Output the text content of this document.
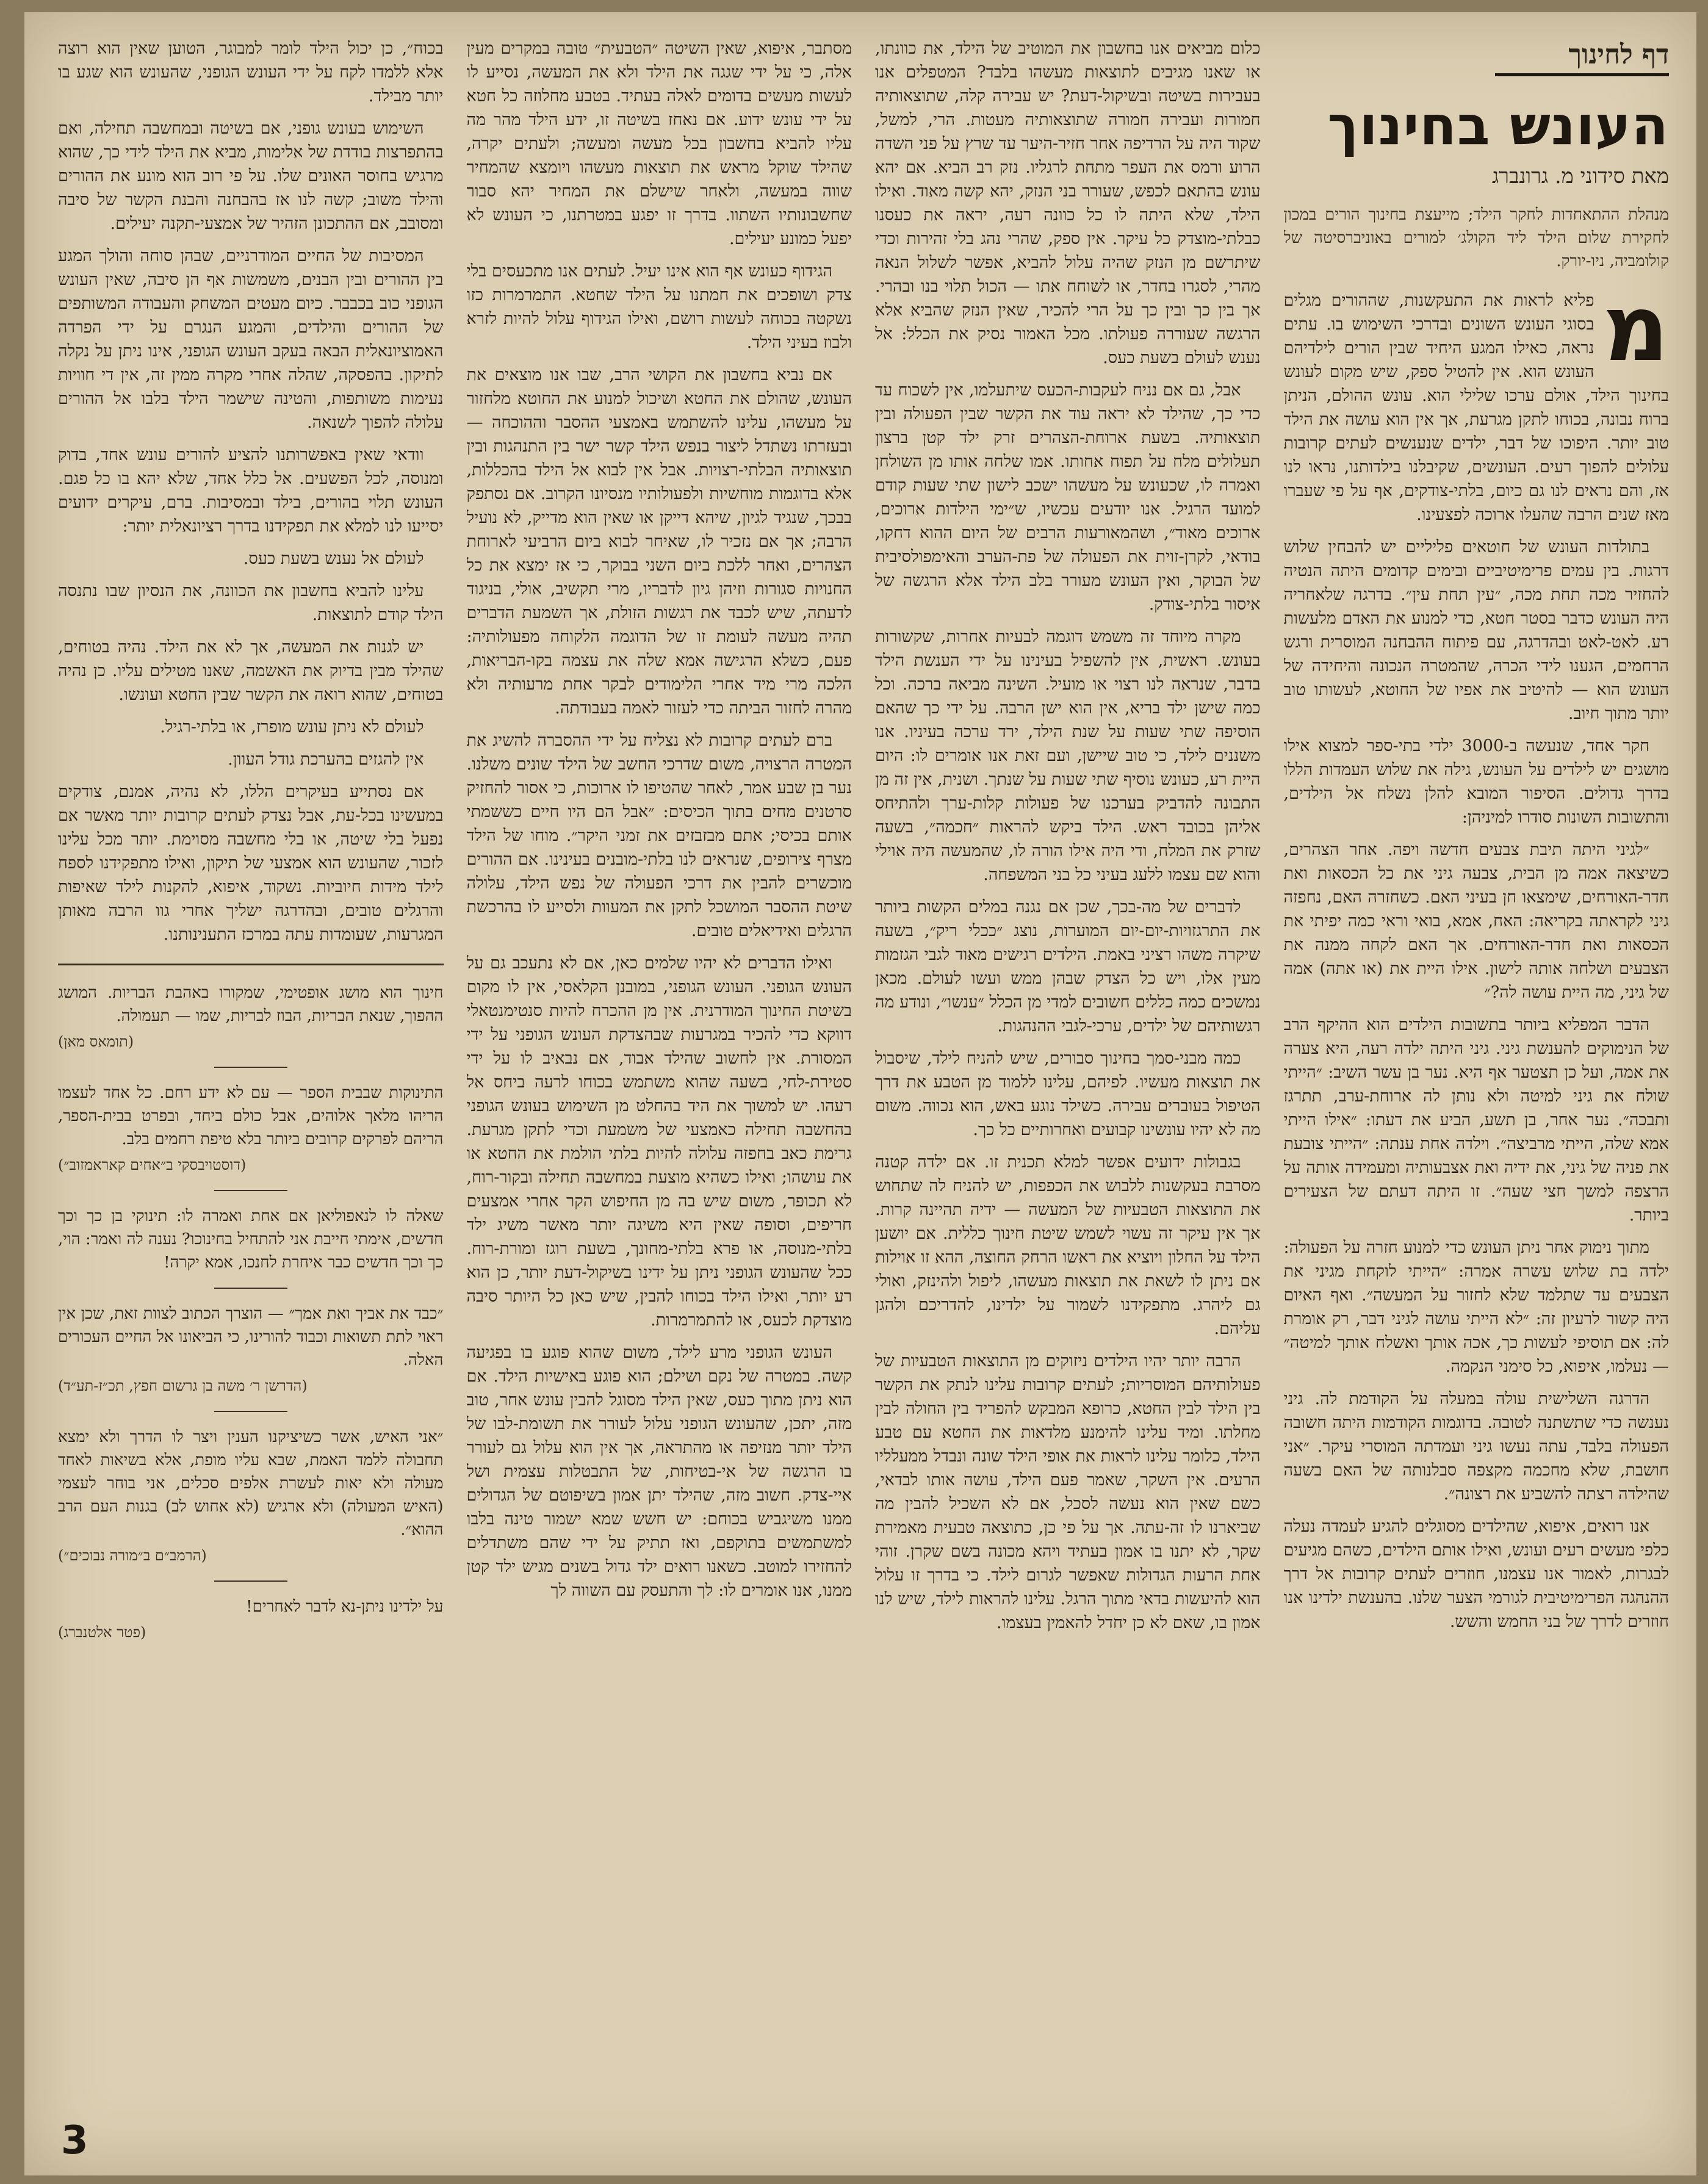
דף לחינוך
העונש בחינוך
מאת סידוני מ. גרונברג
מנהלת ההתאחדות לחקר הילד; מייעצת בחינוך הורים במכון לחקירת שלום הילד ליד הקולג׳ למורים באוניברסיטה של קולומביה, ניו-יורק.

מ
פליא לראות את התעקשנות, שההורים מגלים בסוגי העונש השונים ובדרכי השימוש בו. עתים נראה, כאילו המגע היחיד שבין הורים לילדיהם העונש הוא. אין להטיל ספק, שיש מקום לעונש בחינוך הילד, אולם ערכו שלילי הוא. עונש ההולם, הניתן ברוח נבונה, בכוחו לתקן מגרעת, אך אין הוא עושה את הילד טוב יותר. היפוכו של דבר, ילדים שנענשים לעתים קרובות עלולים להפוך רעים. העונשים, שקיבלנו בילדותנו, נראו לנו אז, והם נראים לנו גם כיום, בלתי-צודקים, אף על פי שעברו מאז שנים הרבה שהעלו ארוכה לפצעינו.

בתולדות העונש של חוטאים פליליים יש להבחין שלוש דרגות. בין עמים פרימיטיביים ובימים קדומים היתה הנטיה להחזיר מכה תחת מכה, ״עין תחת עין״. בדרגה שלאחריה היה העונש כדבר בסטר חטא, כדי למנוע את האדם מלעשות רע. לאט-לאט ובהדרגה, עם פיתוח ההבחנה המוסרית ורגש הרחמים, הגענו לידי הכרה, שהמטרה הנכונה והיחידה של העונש הוא — להיטיב את אפיו של החוטא, לעשותו טוב יותר מתוך חיוב.

חקר אחד, שנעשה ב-3000 ילדי בתי-ספר למצוא אילו מושגים יש לילדים על העונש, גילה את שלוש העמדות הללו בדרך גדולים. הסיפור המובא להלן נשלח אל הילדים, והתשובות השונות סודרו למיניהן:

״לגיני היתה תיבת צבעים חדשה ויפה. אחר הצהרים, כשיצאה אמה מן הבית, צבעה גיני את כל הכסאות ואת חדר-האורחים, שימצאו חן בעיני האם. כשחזרה האם, נחפזה גיני לקראתה בקריאה: האח, אמא, בואי וראי כמה יפיתי את הכסאות ואת חדר-האורחים. אך האם לקחה ממנה את הצבעים ושלחה אותה לישון. אילו היית את (או אתה) אמה של גיני, מה היית עושה לה?״

הדבר המפליא ביותר בתשובות הילדים הוא ההיקף הרב של הנימוקים להענשת גיני. גיני היתה ילדה רעה, היא צערה את אמה, ועל כן תצטער אף היא. נער בן עשר השיב: ״הייתי שולח את גיני למיטה ולא נותן לה ארוחת-ערב, תתרגז ותבכה״. נער אחר, בן תשע, הביע את דעתו: ״אילו הייתי אמא שלה, הייתי מרביצה״. וילדה אחת ענתה: ״הייתי צובעת את פניה של גיני, את ידיה ואת אצבעותיה ומעמידה אותה על הרצפה למשך חצי שעה״. זו היתה דעתם של הצעירים ביותר.

מתוך נימוק אחר ניתן העונש כדי למנוע חזרה על הפעולה: ילדה בת שלוש עשרה אמרה: ״הייתי לוקחת מגיני את הצבעים עד שתלמד שלא לחזור על המעשה״. ואף האיום היה קשור לרעיון זה: ״לא הייתי עושה לגיני דבר, רק אומרת לה: אם תוסיפי לעשות כך, אכה אותך ואשלח אותך למיטה״ — נעלמו, איפוא, כל סימני הנקמה.

הדרגה השלישית עולה במעלה על הקודמת לה. גיני נענשה כדי שתשתנה לטובה. בדוגמות הקודמות היתה חשובה הפעולה בלבד, עתה נעשו גיני ועמדתה המוסרי עיקר. ״אני חושבת, שלא מחכמה מקצפה סבלנותה של האם בשעה שהילדה רצתה להשביע את רצונה״.

אנו רואים, איפוא, שהילדים מסוגלים להגיע לעמדה נעלה כלפי מעשים רעים ועונש, ואילו אותם הילדים, כשהם מגיעים לבגרות, לאמור אנו עצמנו, חוזרים לעתים קרובות אל דרך ההנהגה הפרימיטיבית לגורמי הצער שלנו. בהענשת ילדינו אנו חוזרים לדרך של בני החמש והשש.

כלום מביאים אנו בחשבון את המוטיב של הילד, את כוונתו, או שאנו מגיבים לתוצאות מעשהו בלבד? המטפלים אנו בעבירות בשיטה ובשיקול-דעת? יש עבירה קלה, שתוצאותיה חמורות ועבירה חמורה שתוצאותיה מעטות. הרי, למשל, שקוד היה על הרדיפה אחר חזיר-היער עד שרץ על פני השדה הרוע ורמס את העפר מתחת לרגליו. נזק רב הביא. אם יהא עונש בהתאם לכפש, שעורר בני הנזק, יהא קשה מאוד. ואילו הילד, שלא היתה לו כל כוונה רעה, יראה את כעסנו כבלתי-מוצדק כל עיקר. אין ספק, שהרי נהג בלי זהירות וכדי שיתרשם מן הנזק שהיה עלול להביא, אפשר לשלול הנאה מהרי, לסגרו בחדר, או לשוחח אתו — הכול תלוי בנו ובהרי. אך בין כך ובין כך על הרי להכיר, שאין הנזק שהביא אלא הרגשה שעוררה פעולתו. מכל האמור נסיק את הכלל: אל נענש לעולם בשעת כעס.

אבל, גם אם נניח לעקבות-הכעס שיתעלמו, אין לשכוח עד כדי כך, שהילד לא יראה עוד את הקשר שבין הפעולה ובין תוצאותיה. בשעת ארוחת-הצהרים זרק ילד קטן ברצון תעלולים מלח על תפוח אחותו. אמו שלחה אותו מן השולחן ואמרה לו, שכעונש על מעשהו ישכב לישון שתי שעות קודם למועד הרגיל. אנו יודעים עכשיו, ש״ימי הילדות ארוכים, ארוכים מאוד״, ושהמאורעות הרבים של היום ההוא דחקו, בודאי, לקרן-זוית את הפעולה של פת-הערב והאימפולסיבית של הבוקר, ואין העונש מעורר בלב הילד אלא הרגשה של איסור בלתי-צודק.

מקרה מיוחד זה משמש דוגמה לבעיות אחרות, שקשורות בעונש. ראשית, אין להשפיל בעינינו על ידי הענשת הילד בדבר, שנראה לנו רצוי או מועיל. השינה מביאה ברכה. וכל כמה שישן ילד בריא, אין הוא ישן הרבה. על ידי כך שהאם הוסיפה שתי שעות על שנת הילד, ירד ערכה בעיניו. אנו משננים לילד, כי טוב שיישן, ועם זאת אנו אומרים לו: היום היית רע, כעונש נוסיף שתי שעות על שנתך. ושנית, אין זה מן התבונה להדביק בערכנו של פעולות קלות-ערך ולהתיחס אליהן בכובד ראש. הילד ביקש להראות ״חכמה״, בשעה שזרק את המלח, ודי היה אילו הורה לו, שהמעשה היה אוילי והוא שם עצמו ללעג בעיני כל בני המשפחה.

לדברים של מה-בכך, שכן אם נגנה במלים הקשות ביותר את התרגזויות-יום-יום המוערות, נוצג ״ככלי ריק״, בשעה שיקרה משהו רציני באמת. הילדים רגישים מאוד לגבי הגזמות מעין אלו, ויש כל הצדק שבהן ממש ועשו לעולם. מכאן נמשכים כמה כללים חשובים למדי מן הכלל ״ענשו״, ונודע מה רגשותיהם של ילדים, ערכי-לגבי ההנהגות.

כמה מבני-סמך בחינוך סבורים, שיש להניח לילד, שיסבול את תוצאות מעשיו. לפיהם, עלינו ללמוד מן הטבע את דרך הטיפול בעוברים עבירה. כשילד נוגע באש, הוא נכווה. משום מה לא יהיו עונשינו קבועים ואחרותיים כל כך.

בגבולות ידועים אפשר למלא תכנית זו. אם ילדה קטנה מסרבת בעקשנות ללבוש את הכפפות, יש להניח לה שתחוש את התוצאות הטבעיות של המעשה — ידיה תהיינה קרות. אך אין עיקר זה עשוי לשמש שיטת חינוך כללית. אם יושען הילד על החלון ויוציא את ראשו הרחק החוצה, ההא זו אוילות אם ניתן לו לשאת את תוצאות מעשהו, ליפול ולהינזק, ואולי גם ליהרג. מתפקידנו לשמור על ילדינו, להדריכם ולהגן עליהם.

הרבה יותר יהיו הילדים ניזוקים מן התוצאות הטבעיות של פעולותיהם המוסריות; לעתים קרובות עלינו לנתק את הקשר בין הילד לבין החטא, כרופא המבקש להפריד בין החולה לבין מחלתו. ומיד עלינו להימנע מלדאות את החטא עם טבע הילד, כלומר עלינו לראות את אופי הילד שונה ונבדל ממעלליו הרעים. אין השקר, שאמר פעם הילד, עושה אותו לבדאי, כשם שאין הוא נעשה לסכל, אם לא השכיל להבין מה שביארנו לו זה-עתה. אך על פי כן, כתוצאה טבעית מאמירת שקר, לא יתנו בו אמון בעתיד ויהא מכונה בשם שקרן. זוהי אחת הרעות הגדולות שאפשר לגרום לילד. כי בדרך זו עלול הוא להיעשות בדאי מתוך הרגל. עלינו להראות לילד, שיש לנו אמון בו, שאם לא כן יחדל להאמין בעצמו.

מסתבר, איפוא, שאין השיטה ״הטבעית״ טובה במקרים מעין אלה, כי על ידי שגגה את הילד ולא את המעשה, נסייע לו לעשות מעשים בדומים לאלה בעתיד. בטבע מחלוזה כל חטא על ידי עונש ידוע. אם נאחז בשיטה זו, ידע הילד מהר מה עליו להביא בחשבון בכל מעשה ומעשה; ולעתים יקרה, שהילד שוקל מראש את תוצאות מעשהו ויומצא שהמחיר שווה במעשה, ולאחר שישלם את המחיר יהא סבור שחשבונותיו השתוו. בדרך זו יפגע במטרתנו, כי העונש לא יפעל כמונע יעילים.

הגידוף כעונש אף הוא אינו יעיל. לעתים אנו מתכעסים בלי צדק ושופכים את חמתנו על הילד שחטא. התמרמרות כזו נשקטה בכוחה לעשות רושם, ואילו הגידוף עלול להיות לזרא ולבוז בעיני הילד.

אם נביא בחשבון את הקושי הרב, שבו אנו מוצאים את העונש, שהולם את החטא ושיכול למנוע את החוטא מלחזור על מעשהו, עלינו להשתמש באמצעי ההסבר וההוכחה — ובעזרתו נשתדל ליצור בנפש הילד קשר ישר בין התנהגות ובין תוצאותיה הבלתי-רצויות. אבל אין לבוא אל הילד בהכללות, אלא בדוגמות מוחשיות ולפעולותיו מנסיונו הקרוב. אם נסתפק בבכך, שנגיד לגיון, שיהא דייקן או שאין הוא מדייק, לא נועיל הרבה; אך אם נזכיר לו, שאיחר לבוא ביום הרביעי לארוחת הצהרים, ואחר ללכת ביום השני בבוקר, כי אז ימצא את כל החנויות סגורות וזיהן גיון לדבריו, מרי תקשיב, אולי, בניגוד לדעתה, שיש לכבד את רגשות הזולת, אך השמעת הדברים תהיה מעשה לעומת זו של הדוגמה הלקוחה מפעולותיה: פעם, כשלא הרגישה אמא שלה את עצמה בקו-הבריאות, הלכה מרי מיד אחרי הלימודים לבקר אחת מרעותיה ולא מהרה לחזור הביתה כדי לעזור לאמה בעבודתה.

ברם לעתים קרובות לא נצליח על ידי ההסברה להשיג את המטרה הרצויה, משום שדרכי החשב של הילד שונים משלנו. נער בן שבע אמר, לאחר שהטיפו לו ארוכות, כי אסור להחזיק סרטנים מחים בתוך הכיסים: ״אבל הם היו חיים כששמתי אותם בכיסי; אתם מבזבזים את זמני היקר״. מוחו של הילד מצרף צירופים, שנראים לנו בלתי-מובנים בעינינו. אם ההורים מוכשרים להבין את דרכי הפעולה של נפש הילד, עלולה שיטת ההסבר המושכל לתקן את המעוות ולסייע לו בהרכשת הרגלים ואידיאלים טובים.

ואילו הדברים לא יהיו שלמים כאן, אם לא נתעכב גם על העונש הגופני. העונש הגופני, במובנן הקלאסי, אין לו מקום בשיטת החינוך המודרנית. אין מן ההכרח להיות סנטימנטאלי דווקא כדי להכיר במגרעות שבהצדקת העונש הגופני על ידי המסורת. אין לחשוב שהילד אבוד, אם נבאיב לו על ידי סטירת-לחי, בשעה שהוא משתמש בכוחו לרעה ביחס אל רעהו. יש למשוך את היד בהחלט מן השימוש בעונש הגופני בהחשבה תחילה כאמצעי של משמעת וכדי לתקן מגרעת. גרימת כאב בחפזה עלולה להיות בלתי הולמת את החטא או את עושהו; ואילו כשהיא מוצעת במחשבה תחילה ובקור-רוח, לא תכופר, משום שיש בה מן החיפוש הקר אחרי אמצעים חריפים, וסופה שאין היא משיגה יותר מאשר משיג ילד בלתי-מנוסה, או פרא בלתי-מחונך, בשעת רוגז ומורת-רוח. ככל שהעונש הגופני ניתן על ידינו בשיקול-דעת יותר, כן הוא רע יותר, ואילו הילד בכוחו להבין, שיש כאן כל היותר סיבה מוצדקת לכעס, או להתמרמרות.

העונש הגופני מרע לילד, משום שהוא פוגע בו בפגיעה קשה. במטרה של נקם ושילם; הוא פוגע באישיות הילד. אם הוא ניתן מתוך כעס, שאין הילד מסוגל להבין עונש אחר, טוב מזה, יתכן, שהעונש הגופני עלול לעורר את תשומת-לבו של הילד יותר מנזיפה או מהתראה, אך אין הוא עלול גם לעורר בו הרגשה של אי-בטיחות, של התבטלות עצמית ושל איי-צדק. חשוב מזה, שהילד יתן אמון בשיפוטם של הגדולים ממנו משיגביש בכוחם: יש חשש שמא ישמור טינה בלבו למשתמשים בתוקפם, ואז תתיק על ידי שהם משתדלים להחזירו למוטב. כשאנו רואים ילד גדול בשנים מגיש ילד קטן ממנו, אנו אומרים לו: לך והתעסק עם השווה לך

בכוח״, כן יכול הילד לומר למבוגר, הטוען שאין הוא רוצה אלא ללמדו לקח על ידי העונש הגופני, שהעונש הוא שגע בו יותר מבילד.

השימוש בעונש גופני, אם בשיטה ובמחשבה תחילה, ואם בהתפרצות בודדת של אלימות, מביא את הילד לידי כך, שהוא מרגיש בחוסר האונים שלו. על פי רוב הוא מונע את ההורים והילד משוב; קשה לנו אז בהבחנה והבנת הקשר של סיבה ומסובב, אם ההתכונן הזהיר של אמצעי-תקנה יעילים.

המסיבות של החיים המודרניים, שבהן סוחה והולך המגע בין ההורים ובין הבנים, משמשות אף הן סיבה, שאין העונש הגופני כוב בכבבר. כיום מעטים המשחק והעבודה המשותפים של ההורים והילדים, והמגע הנגרם על ידי הפרדה האמוציונאלית הבאה בעקב העונש הגופני, אינו ניתן על נקלה לתיקון. בהפסקה, שהלה אחרי מקרה ממין זה, אין די חוויות נעימות משותפות, והטינה שישמר הילד בלבו אל ההורים עלולה להפוך לשנאה.

וודאי שאין באפשרותנו להציע להורים עונש אחד, בדוק ומנוסה, לכל הפשעים. אל כלל אחד, שלא יהא בו כל פגם. העונש תלוי בהורים, בילד ובמסיבות. ברם, עיקרים ידועים יסייעו לנו למלא את תפקידנו בדרך רציונאלית יותר:

לעולם אל נענש בשעת כעס.

עלינו להביא בחשבון את הכוונה, את הנסיון שבו נתנסה הילד קודם לתוצאות.

יש לגנות את המעשה, אך לא את הילד. נהיה בטוחים, שהילד מבין בדיוק את האשמה, שאנו מטילים עליו. כן נהיה בטוחים, שהוא רואה את הקשר שבין החטא ועונשו.

לעולם לא ניתן עונש מופרז, או בלתי-רגיל.

אין להגזים בהערכת גודל העוון.

אם נסתייע בעיקרים הללו, לא נהיה, אמנם, צודקים במעשינו בכל-עת, אבל נצדק לעתים קרובות יותר מאשר אם נפעל בלי שיטה, או בלי מחשבה מסוימת. יותר מכל עלינו לזכור, שהעונש הוא אמצעי של תיקון, ואילו מתפקידנו לספח לילד מידות חיוביות. נשקוד, איפוא, להקנות לילד שאיפות והרגלים טובים, ובהדרגה ישליך אחרי גוו הרבה מאותן המגרעות, שעומדות עתה במרכז התענינותנו.

חינוך הוא מושג אופטימי, שמקורו באהבת הבריות. המושג ההפוך, שנאת הבריות, הבוז לבריות, שמו — תעמולה.
(תומאס מאן)
התינוקות שבבית הספר — עם לא ידע רחם. כל אחד לעצמו הריהו מלאך אלוהים, אבל כולם ביחד, ובפרט בבית-הספר, הריהם לפרקים קרובים ביותר בלא טיפת רחמים בלב.
(דוסטויבסקי ב״אחים קאראמזוב״)
שאלה לו לנאפוליאן אם אחת ואמרה לו: תינוקי בן כך וכך חדשים, אימתי חייבת אני להתחיל בחינוכו? נענה לה ואמר: הוי, כך וכך חדשים כבר איחרת לחנכו, אמא יקרה!
״כבד את אביך ואת אמך״ — הוצרך הכתוב לצוות זאת, שכן אין ראוי לתת תשואות וכבוד להורינו, כי הביאונו אל החיים העכורים האלה.
(הדרשן ר׳ משה בן גרשום חפץ, תכ״ז-תע״ד)
״אני האיש, אשר כשיציקנו הענין ויצר לו הדרך ולא ימצא תחבולה ללמד האמת, שבא עליו מופת, אלא בשיאות לאחד מעולה ולא יאות לעשרת אלפים סכלים, אני בוחר לעצמי (האיש המעולה) ולא ארגיש (לא אחוש לב) בגנות העם הרב ההוא״.
(הרמב״ם ב״מורה נבוכים״)
על ילדינו ניתן-נא לדבר לאחרים!
(פטר אלטנברג)
3
